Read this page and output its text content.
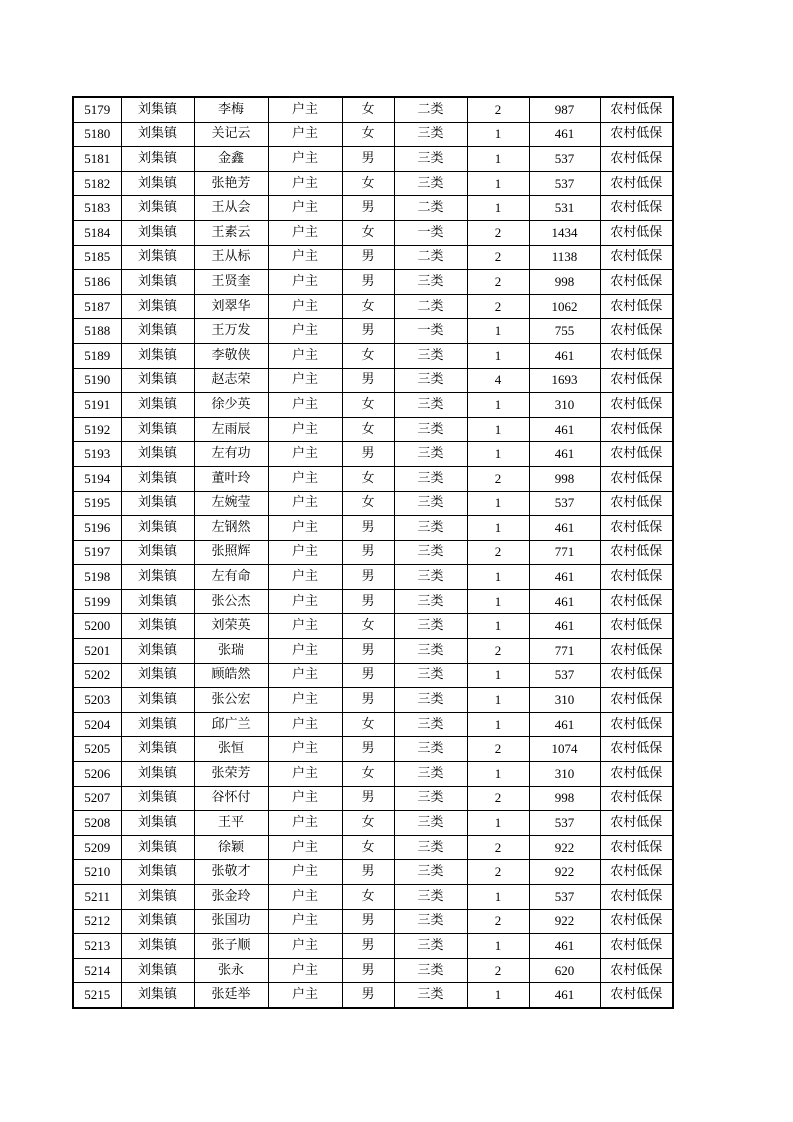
5179	刘集镇	李梅	户主	女	二类	2	987	农村低保
5180	刘集镇	关记云	户主	女	三类	1	461	农村低保
5181	刘集镇	金鑫	户主	男	三类	1	537	农村低保
5182	刘集镇	张艳芳	户主	女	三类	1	537	农村低保
5183	刘集镇	王从会	户主	男	二类	1	531	农村低保
5184	刘集镇	王素云	户主	女	一类	2	1434	农村低保
5185	刘集镇	王从标	户主	男	二类	2	1138	农村低保
5186	刘集镇	王贤奎	户主	男	三类	2	998	农村低保
5187	刘集镇	刘翠华	户主	女	二类	2	1062	农村低保
5188	刘集镇	王万发	户主	男	一类	1	755	农村低保
5189	刘集镇	李敬侠	户主	女	三类	1	461	农村低保
5190	刘集镇	赵志荣	户主	男	三类	4	1693	农村低保
5191	刘集镇	徐少英	户主	女	三类	1	310	农村低保
5192	刘集镇	左雨辰	户主	女	三类	1	461	农村低保
5193	刘集镇	左有功	户主	男	三类	1	461	农村低保
5194	刘集镇	董叶玲	户主	女	三类	2	998	农村低保
5195	刘集镇	左婉莹	户主	女	三类	1	537	农村低保
5196	刘集镇	左钢然	户主	男	三类	1	461	农村低保
5197	刘集镇	张照辉	户主	男	三类	2	771	农村低保
5198	刘集镇	左有命	户主	男	三类	1	461	农村低保
5199	刘集镇	张公杰	户主	男	三类	1	461	农村低保
5200	刘集镇	刘荣英	户主	女	三类	1	461	农村低保
5201	刘集镇	张瑞	户主	男	三类	2	771	农村低保
5202	刘集镇	顾皓然	户主	男	三类	1	537	农村低保
5203	刘集镇	张公宏	户主	男	三类	1	310	农村低保
5204	刘集镇	邱广兰	户主	女	三类	1	461	农村低保
5205	刘集镇	张恒	户主	男	三类	2	1074	农村低保
5206	刘集镇	张荣芳	户主	女	三类	1	310	农村低保
5207	刘集镇	谷怀付	户主	男	三类	2	998	农村低保
5208	刘集镇	王平	户主	女	三类	1	537	农村低保
5209	刘集镇	徐颖	户主	女	三类	2	922	农村低保
5210	刘集镇	张敬才	户主	男	三类	2	922	农村低保
5211	刘集镇	张金玲	户主	女	三类	1	537	农村低保
5212	刘集镇	张国功	户主	男	三类	2	922	农村低保
5213	刘集镇	张子顺	户主	男	三类	1	461	农村低保
5214	刘集镇	张永	户主	男	三类	2	620	农村低保
5215	刘集镇	张廷举	户主	男	三类	1	461	农村低保
